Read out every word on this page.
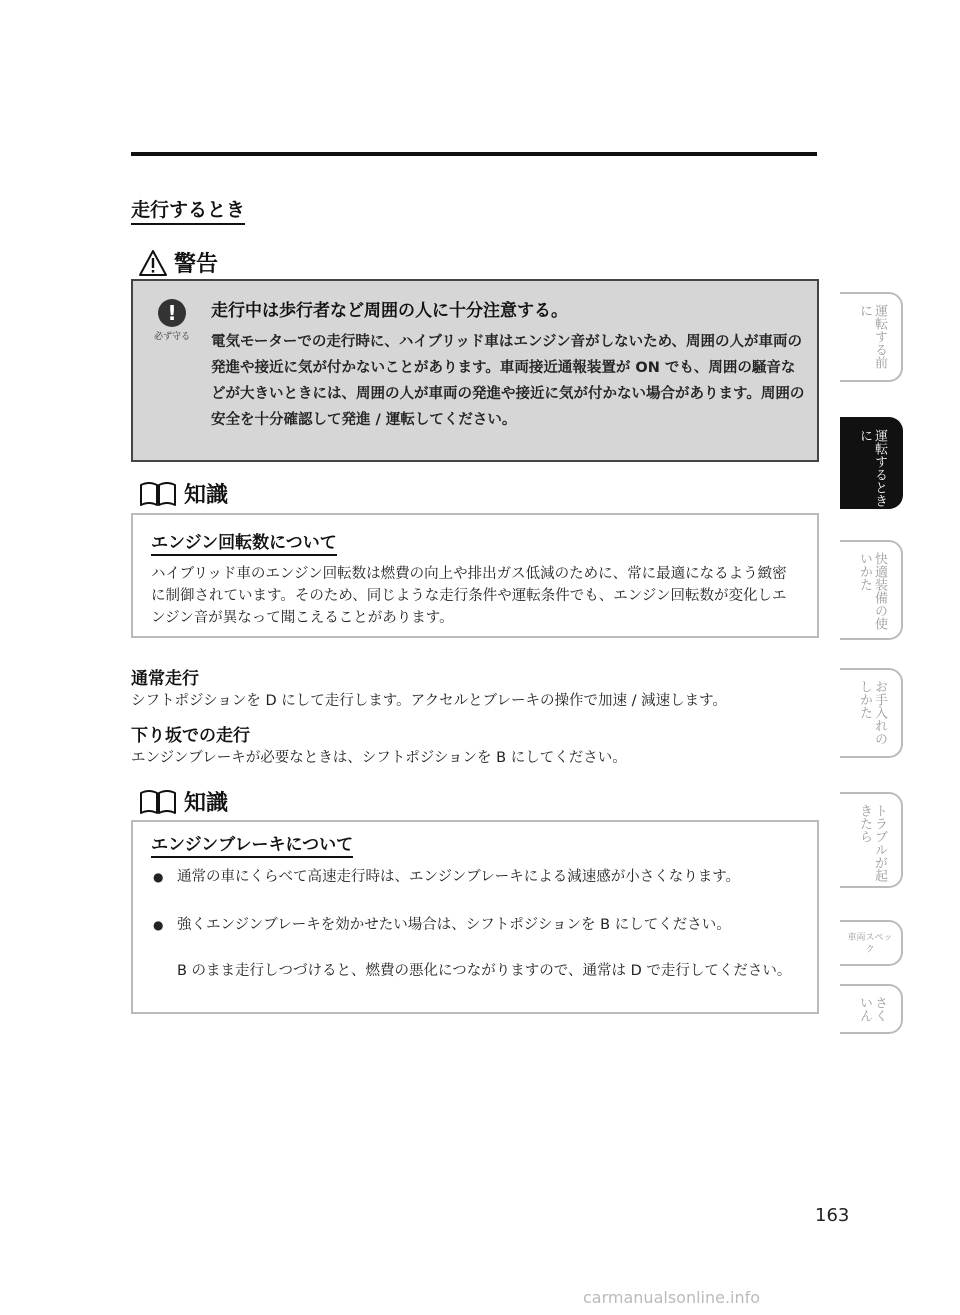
走行するとき
警告
!
必ず守る
走行中は歩行者など周囲の人に十分注意する。
電気モーターでの走行時に、ハイブリッド車はエンジン音がしないため、周囲の人が車両の発進や接近に気が付かないことがあります。車両接近通報装置が ON でも、周囲の騒音などが大きいときには、周囲の人が車両の発進や接近に気が付かない場合があります。周囲の安全を十分確認して発進 / 運転してください。
知識
エンジン回転数について
ハイブリッド車のエンジン回転数は燃費の向上や排出ガス低減のために、常に最適になるよう緻密に制御されています。そのため、同じような走行条件や運転条件でも、エンジン回転数が変化しエンジン音が異なって聞こえることがあります。
通常走行
シフトポジションを D にして走行します。アクセルとブレーキの操作で加速 / 減速します。
下り坂での走行
エンジンブレーキが必要なときは、シフトポジションを B にしてください。
知識
エンジンブレーキについて
● 通常の車にくらべて高速走行時は、エンジンブレーキによる減速感が小さくなります。
● 強くエンジンブレーキを効かせたい場合は、シフトポジションを B にしてください。
B のまま走行しつづけると、燃費の悪化につながりますので、通常は D で走行してください。
運転する前に
運転するときに
快適装備の使いかた
お手入れのしかた
トラブルが起きたら
車両スペック
さくいん
163
carmanualsonline.info
